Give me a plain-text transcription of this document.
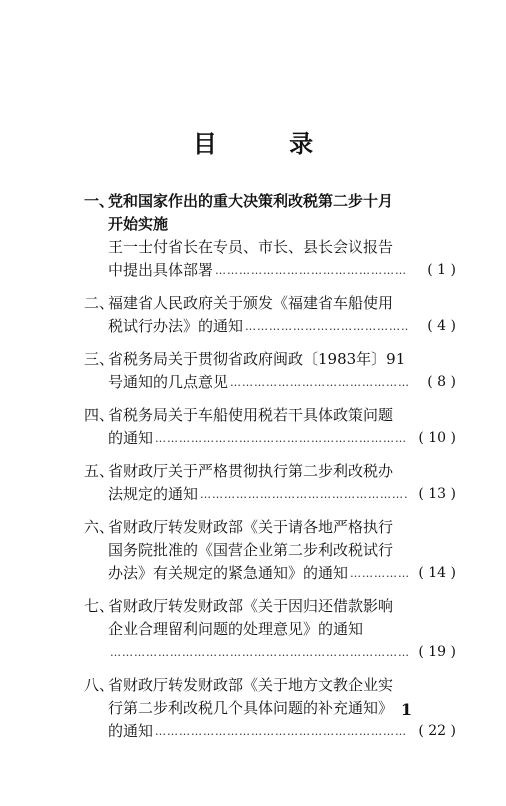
目 录
一、
党和国家作出的重大决策利改税第二步十月
开始实施
王一士付省长在专员、市长、县长会议报告
中提出具体部署 …………………………………………………………………………………………………………………………………………	( 1 )
二、
福建省人民政府关于颁发《福建省车船使用
税试行办法》的通知 …………………………………………………………………………………………………………………………………………	( 4 )
三、
省税务局关于贯彻省政府闽政〔1983年〕91
号通知的几点意见 …………………………………………………………………………………………………………………………………………	( 8 )
四、
省税务局关于车船使用税若干具体政策问题
的通知 …………………………………………………………………………………………………………………………………………	( 10 )
五、
省财政厅关于严格贯彻执行第二步利改税办
法规定的通知 …………………………………………………………………………………………………………………………………………	( 13 )
六、
省财政厅转发财政部《关于请各地严格执行
国务院批准的《国营企业第二步利改税试行
办法》有关规定的紧急通知》的通知 …………………………………………………………………………………………………………………………………………	( 14 )
七、
省财政厅转发财政部《关于因归还借款影响
企业合理留利问题的处理意见》的通知
…………………………………………………………………………………………………………………………………………
( 19 )
八、
省财政厅转发财政部《关于地方文教企业实
行第二步利改税几个具体问题的补充通知》
的通知 …………………………………………………………………………………………………………………………………………	( 22 )
1
